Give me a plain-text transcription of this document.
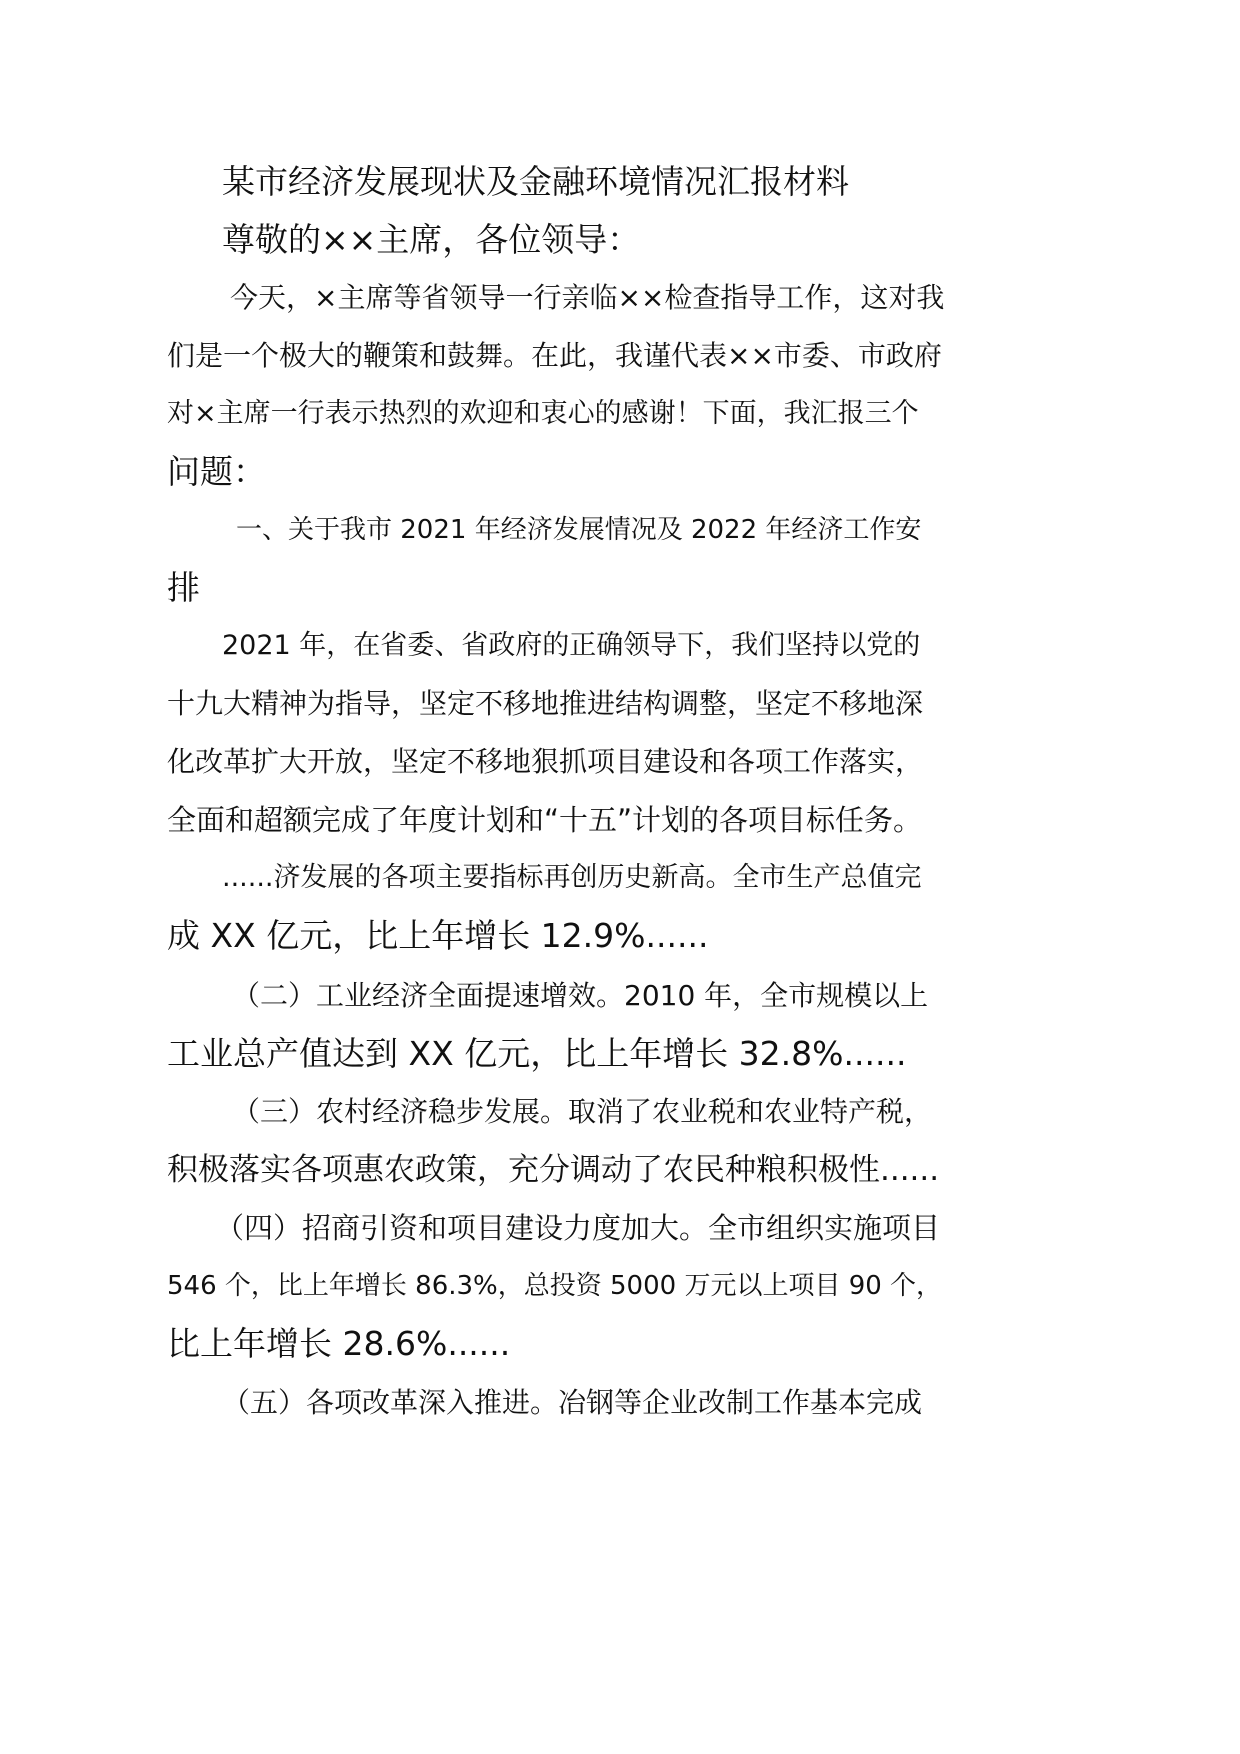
某市经济发展现状及金融环境情况汇报材料
尊敬的××主席，各位领导：
今天，×主席等省领导一行亲临××检查指导工作，这对我
们是一个极大的鞭策和鼓舞。在此，我谨代表××市委、市政府
对×主席一行表示热烈的欢迎和衷心的感谢！下面，我汇报三个
问题：
一、关于我市 2021 年经济发展情况及 2022 年经济工作安
排
2021 年，在省委、省政府的正确领导下，我们坚持以党的
十九大精神为指导，坚定不移地推进结构调整，坚定不移地深
化改革扩大开放，坚定不移地狠抓项目建设和各项工作落实，
全面和超额完成了年度计划和“十五”计划的各项目标任务。
......济发展的各项主要指标再创历史新高。全市生产总值完
成 XX 亿元，比上年增长 12.9%......
（二）工业经济全面提速增效。2010 年，全市规模以上
工业总产值达到 XX 亿元，比上年增长 32.8%......
（三）农村经济稳步发展。取消了农业税和农业特产税，
积极落实各项惠农政策，充分调动了农民种粮积极性......
（四）招商引资和项目建设力度加大。全市组织实施项目
546 个，比上年增长 86.3%，总投资 5000 万元以上项目 90 个，
比上年增长 28.6%......
（五）各项改革深入推进。冶钢等企业改制工作基本完成
